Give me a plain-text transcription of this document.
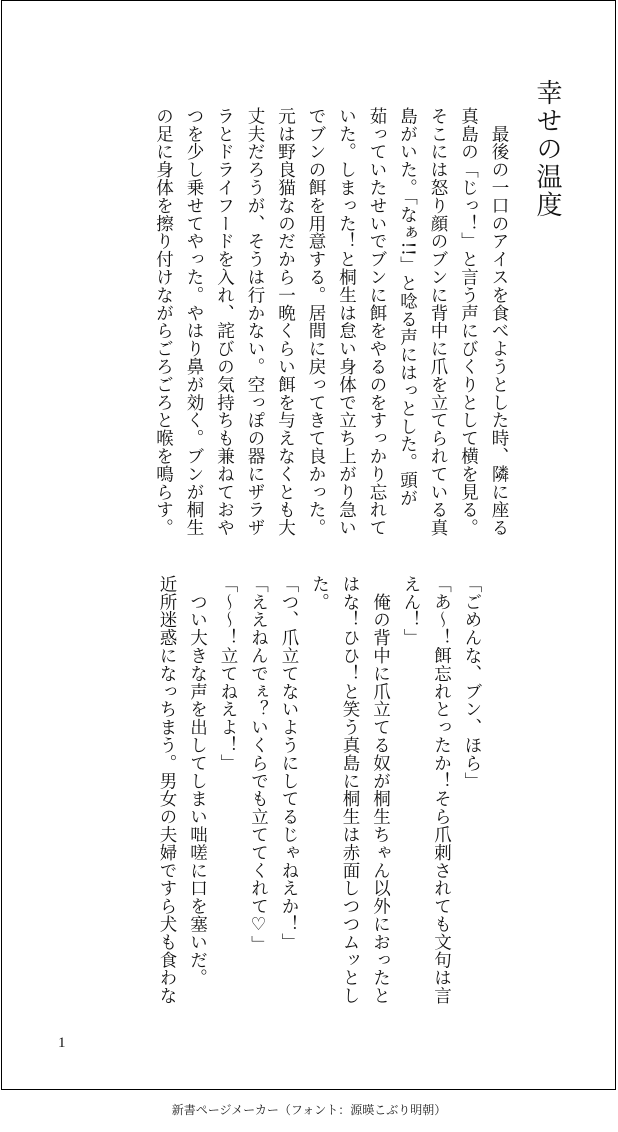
幸せの温度
　最後の一口のアイスを食べようとした時、隣に座る
真島の「じっ！」と言う声にびくりとして横を見る。
そこには怒り顔のブンに背中に爪を立てられている真
島がいた。「なぁ!!」と唸る声にはっとした。頭が
茹っていたせいでブンに餌をやるのをすっかり忘れて
いた。しまった！と桐生は怠い身体で立ち上がり急い
でブンの餌を用意する。居間に戻ってきて良かった。
元は野良猫なのだから一晩くらい餌を与えなくとも大
丈夫だろうが、そうは行かない。空っぽの器にザラザ
ラとドライフードを入れ、詫びの気持ちも兼ねておや
つを少し乗せてやった。やはり鼻が効く。ブンが桐生
の足に身体を擦り付けながらごろごろと喉を鳴らす。
「ごめんな、ブン、ほら」
「あ〜！餌忘れとったか！そら爪刺されても文句は言
えん！」
　俺の背中に爪立てる奴が桐生ちゃん以外におったと
はな！ひひ！と笑う真島に桐生は赤面しつつムッとし
た。
「つ、爪立てないようにしてるじゃねえか！」
「ええねんでぇ？いくらでも立ててくれて♡」
「〜〜！立てねえよ！」
　つい大きな声を出してしまい咄嗟に口を塞いだ。
近所迷惑になっちまう。男女の夫婦ですら犬も食わな
1
新書ページメーカー（フォント：源暎こぶり明朝）
